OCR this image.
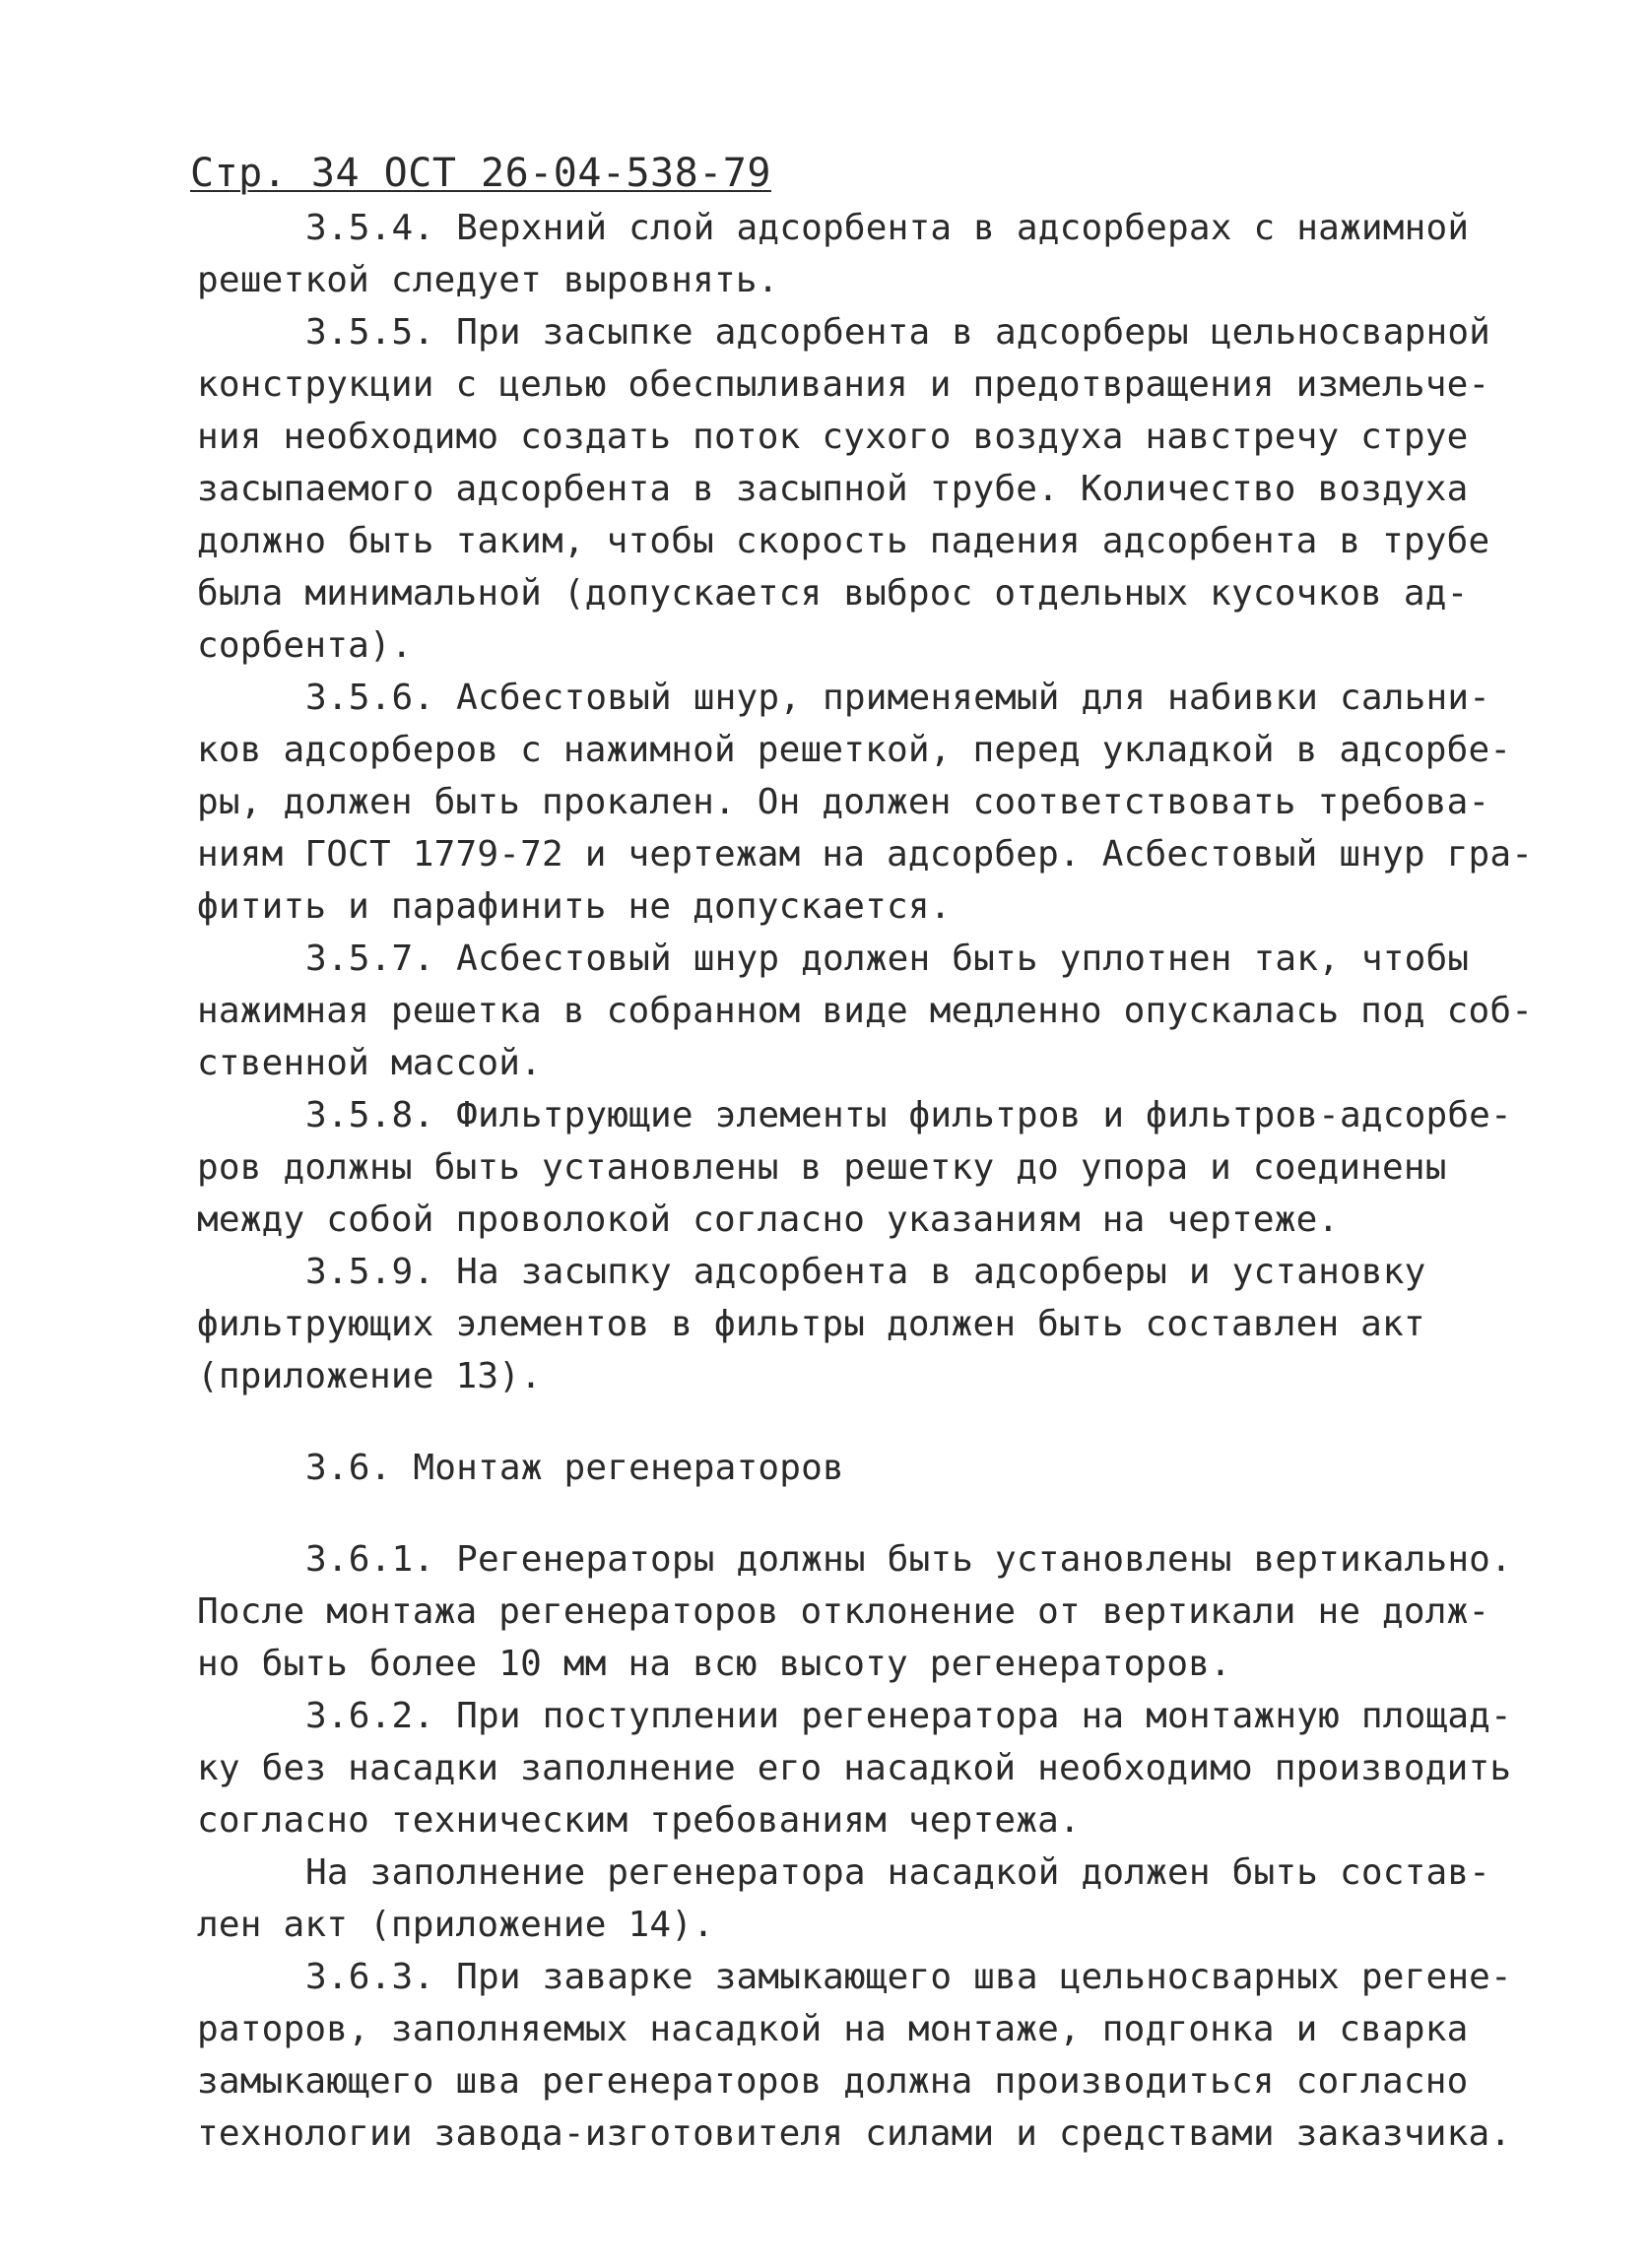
Стр. 34 ОСТ 26-04-538-79
3.5.4. Верхний слой адсорбента в адсорберах с нажимной
решеткой следует выровнять.
3.5.5. При засыпке адсорбента в адсорберы цельносварной
конструкции с целью обеспыливания и предотвращения измельче-
ния необходимо создать поток сухого воздуха навстречу струе
засыпаемого адсорбента в засыпной трубе. Количество воздуха
должно быть таким, чтобы скорость падения адсорбента в трубе
была минимальной (допускается выброс отдельных кусочков ад-
сорбента).
3.5.6. Асбестовый шнур, применяемый для набивки сальни-
ков адсорберов с нажимной решеткой, перед укладкой в адсорбе-
ры, должен быть прокален. Он должен соответствовать требова-
ниям ГОСТ 1779-72 и чертежам на адсорбер. Асбестовый шнур гра-
фитить и парафинить не допускается.
3.5.7. Асбестовый шнур должен быть уплотнен так, чтобы
нажимная решетка в собранном виде медленно опускалась под соб-
ственной массой.
3.5.8. Фильтрующие элементы фильтров и фильтров-адсорбе-
ров должны быть установлены в решетку до упора и соединены
между собой проволокой согласно указаниям на чертеже.
3.5.9. На засыпку адсорбента в адсорберы и установку
фильтрующих элементов в фильтры должен быть составлен акт
(приложение 13).
3.6. Монтаж регенераторов
3.6.1. Регенераторы должны быть установлены вертикально.
После монтажа регенераторов отклонение от вертикали не долж-
но быть более 10 мм на всю высоту регенераторов.
3.6.2. При поступлении регенератора на монтажную площад-
ку без насадки заполнение его насадкой необходимо производить
согласно техническим требованиям чертежа.
На заполнение регенератора насадкой должен быть состав-
лен акт (приложение 14).
3.6.3. При заварке замыкающего шва цельносварных регене-
раторов, заполняемых насадкой на монтаже, подгонка и сварка
замыкающего шва регенераторов должна производиться согласно
технологии завода-изготовителя силами и средствами заказчика.
